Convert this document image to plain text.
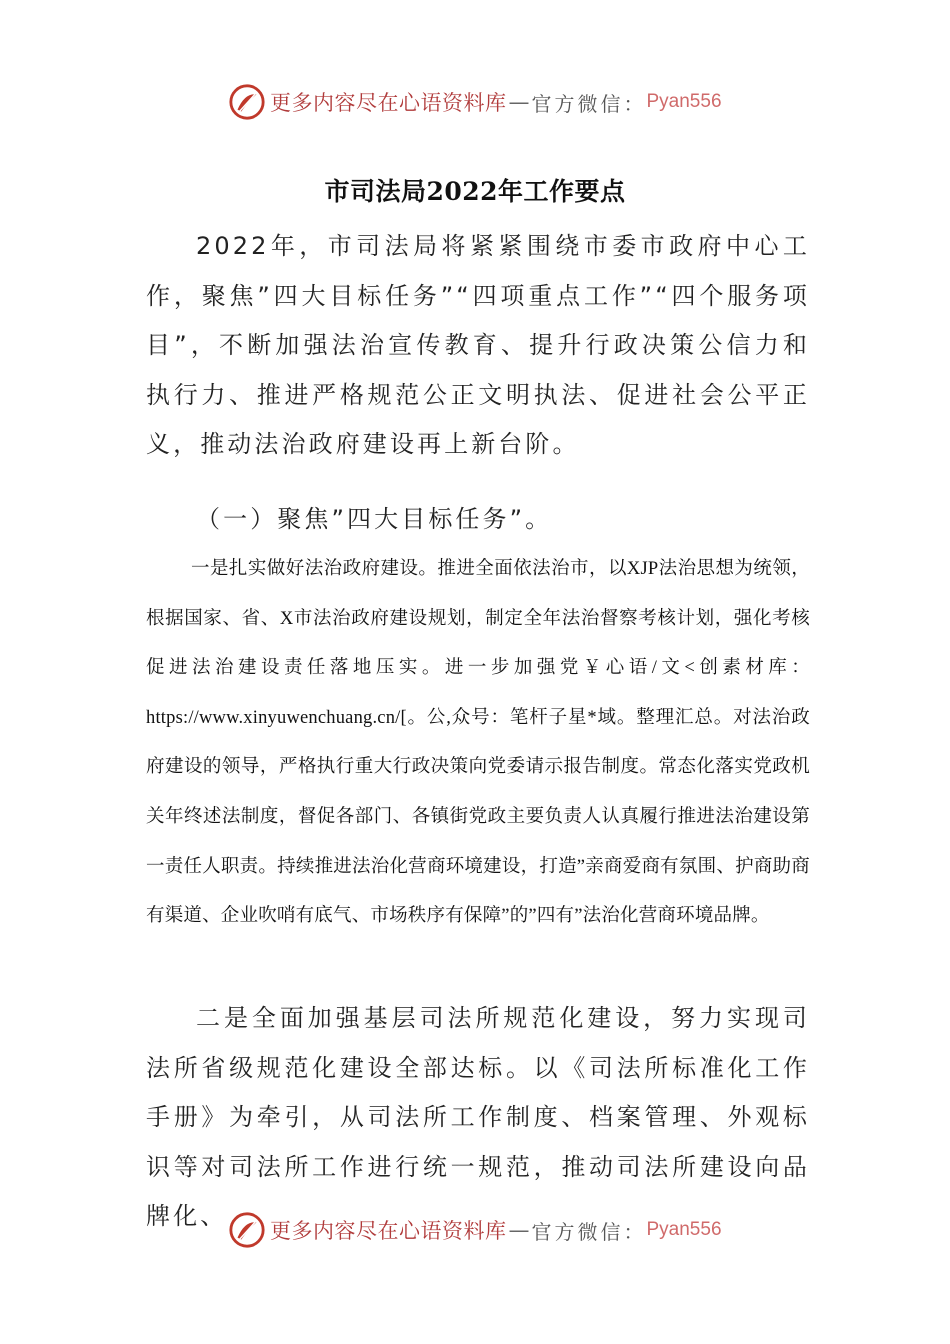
更多内容尽在心语资料库 — 官方微信： Pyan556
市司法局2022年工作要点

2022年，市司法局将紧紧围绕市委市政府中心工作，聚焦”四大目标任务”“四项重点工作”“四个服务项目”，不断加强法治宣传教育、提升行政决策公信力和执行力、推进严格规范公正文明执法、促进社会公平正义，推动法治政府建设再上新台阶。

（一）聚焦”四大目标任务”。

一是扎实做好法治政府建设。推进全面依法治市，以XJP法治思想为统领，根据国家、省、X市法治政府建设规划，制定全年法治督察考核计划，强化考核促进法治建设责任落地压实。进一步加强党￥心语/文<创素材库：https://www.xinyuwenchuang.cn/[。公,众号：笔杆子星*域。整理汇总。对法治政府建设的领导，严格执行重大行政决策向党委请示报告制度。常态化落实党政机关年终述法制度，督促各部门、各镇街党政主要负责人认真履行推进法治建设第一责任人职责。持续推进法治化营商环境建设，打造”亲商爱商有氛围、护商助商有渠道、企业吹哨有底气、市场秩序有保障”的”四有”法治化营商环境品牌。

二是全面加强基层司法所规范化建设，努力实现司法所省级规范化建设全部达标。以《司法所标准化工作手册》为牵引，从司法所工作制度、档案管理、外观标识等对司法所工作进行统一规范，推动司法所建设向品牌化、

更多内容尽在心语资料库 — 官方微信： Pyan556
